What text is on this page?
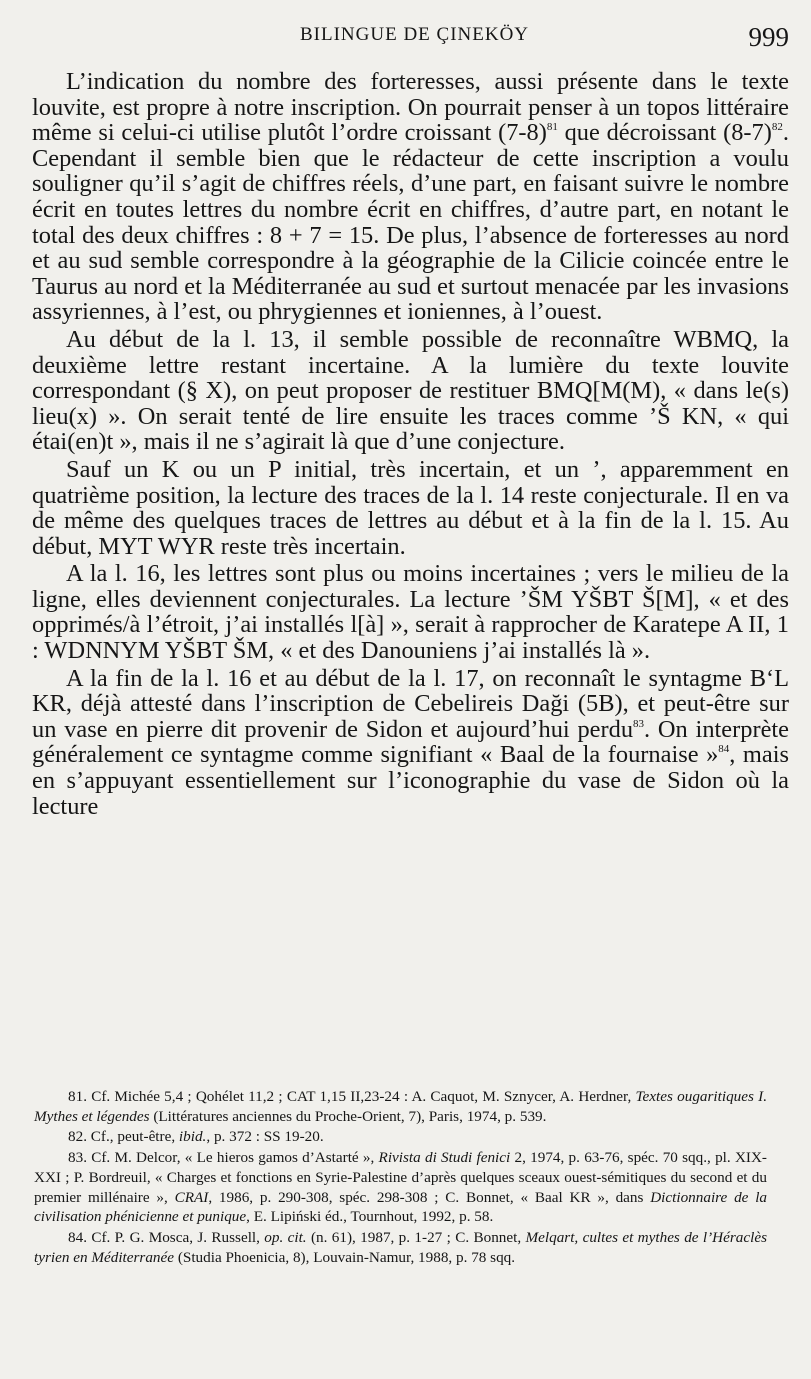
BILINGUE DE ÇINEKÖY	999

L’indication du nombre des forteresses, aussi présente dans le texte louvite, est propre à notre inscription. On pourrait penser à un topos littéraire même si celui-ci utilise plutôt l’ordre croissant $(7-8)^{81}$ que décroissant $(8-7)^{82}$. Cependant il semble bien que le rédacteur de cette inscription a voulu souligner qu’il s’agit de chiffres réels, d’une part, en faisant suivre le nombre écrit en toutes lettres du nombre écrit en chiffres, d’autre part, en notant le total des deux chiffres : 8 + 7 = 15. De plus, l’absence de forteresses au nord et au sud semble correspondre à la géographie de la Cilicie coincée entre le Taurus au nord et la Méditerranée au sud et surtout menacée par les invasions assyriennes, à l’est, ou phrygiennes et ioniennes, à l’ouest.

Au début de la l. 13, il semble possible de reconnaître WBMQ, la deuxième lettre restant incertaine. A la lumière du texte louvite correspondant (§ X), on peut proposer de restituer BMQ[M(M), « dans le(s) lieu(x) ». On serait tenté de lire ensuite les traces comme ’Š KN, « qui étai(en)t », mais il ne s’agirait là que d’une conjecture.

Sauf un K ou un P initial, très incertain, et un ’, apparemment en quatrième position, la lecture des traces de la l. 14 reste conjecturale. Il en va de même des quelques traces de lettres au début et à la fin de la l. 15. Au début, MYT WYR reste très incertain.

A la l. 16, les lettres sont plus ou moins incertaines ; vers le milieu de la ligne, elles deviennent conjecturales. La lecture ’ŠM YŠBT Š[M], « et des opprimés/à l’étroit, j’ai installés l[à] », serait à rapprocher de Karatepe A II, 1 : WDNNYM YŠBT ŠM, « et des Danouniens j’ai installés là ».

A la fin de la l. 16 et au début de la l. 17, on reconnaît le syntagme B‘L KR, déjà attesté dans l’inscription de Cebelireis Daği (5B), et peut-être sur un vase en pierre dit provenir de Sidon et aujourd’hui perdu$^{83}$. On interprète généralement ce syntagme comme signifiant « Baal de la fournaise »$^{84}$, mais en s’appuyant essentiellement sur l’iconographie du vase de Sidon où la lecture

81. Cf. Michée 5,4 ; Qohélet 11,2 ; CAT 1,15 II,23-24 : A. Caquot, M. Sznycer, A. Herdner, Textes ougaritiques I. Mythes et légendes (Littératures anciennes du Proche-Orient, 7), Paris, 1974, p. 539.

82. Cf., peut-être, ibid., p. 372 : SS 19-20.

83. Cf. M. Delcor, « Le hieros gamos d’Astarté », Rivista di Studi fenici 2, 1974, p. 63-76, spéc. 70 sqq., pl. XIX-XXI ; P. Bordreuil, « Charges et fonctions en Syrie-Palestine d’après quelques sceaux ouest-sémitiques du second et du premier millénaire », CRAI, 1986, p. 290-308, spéc. 298-308 ; C. Bonnet, « Baal KR », dans Dictionnaire de la civilisation phénicienne et punique, E. Lipiński éd., Tournhout, 1992, p. 58.

84. Cf. P. G. Mosca, J. Russell, op. cit. (n. 61), 1987, p. 1-27 ; C. Bonnet, Melqart, cultes et mythes de l’Héraclès tyrien en Méditerranée (Studia Phoenicia, 8), Louvain-Namur, 1988, p. 78 sqq.
